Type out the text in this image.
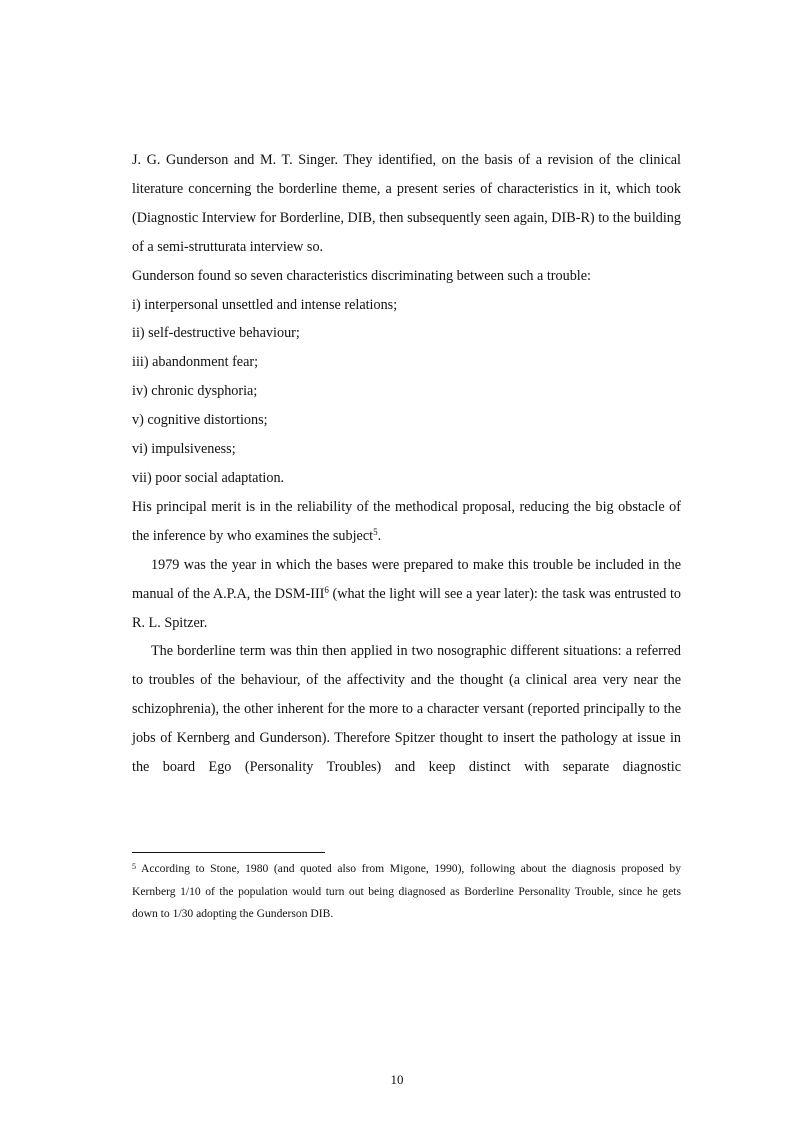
J. G. Gunderson and M. T. Singer. They identified, on the basis of a revision of the clinical literature concerning the borderline theme, a present series of characteristics in it, which took (Diagnostic Interview for Borderline, DIB, then subsequently seen again, DIB-R) to the building of a semi-strutturata interview so.

Gunderson found so seven characteristics discriminating between such a trouble:

i) interpersonal unsettled and intense relations;

ii) self-destructive behaviour;

iii) abandonment fear;

iv) chronic dysphoria;

v) cognitive distortions;

vi) impulsiveness;

vii) poor social adaptation.

His principal merit is in the reliability of the methodical proposal, reducing the big obstacle of the inference by who examines the subject$^5$.

1979 was the year in which the bases were prepared to make this trouble be included in the manual of the A.P.A, the DSM-III$^6$ (what the light will see a year later): the task was entrusted to R. L. Spitzer.

The borderline term was thin then applied in two nosographic different situations: a referred to troubles of the behaviour, of the affectivity and the thought (a clinical area very near the schizophrenia), the other inherent for the more to a character versant (reported principally to the jobs of Kernberg and Gunderson). Therefore Spitzer thought to insert the pathology at issue in the board Ego (Personality Troubles) and keep distinct with separate diagnostic

$^5$ According to Stone, 1980 (and quoted also from Migone, 1990), following about the diagnosis proposed by Kernberg 1/10 of the population would turn out being diagnosed as Borderline Personality Trouble, since he gets down to 1/30 adopting the Gunderson DIB.

10
